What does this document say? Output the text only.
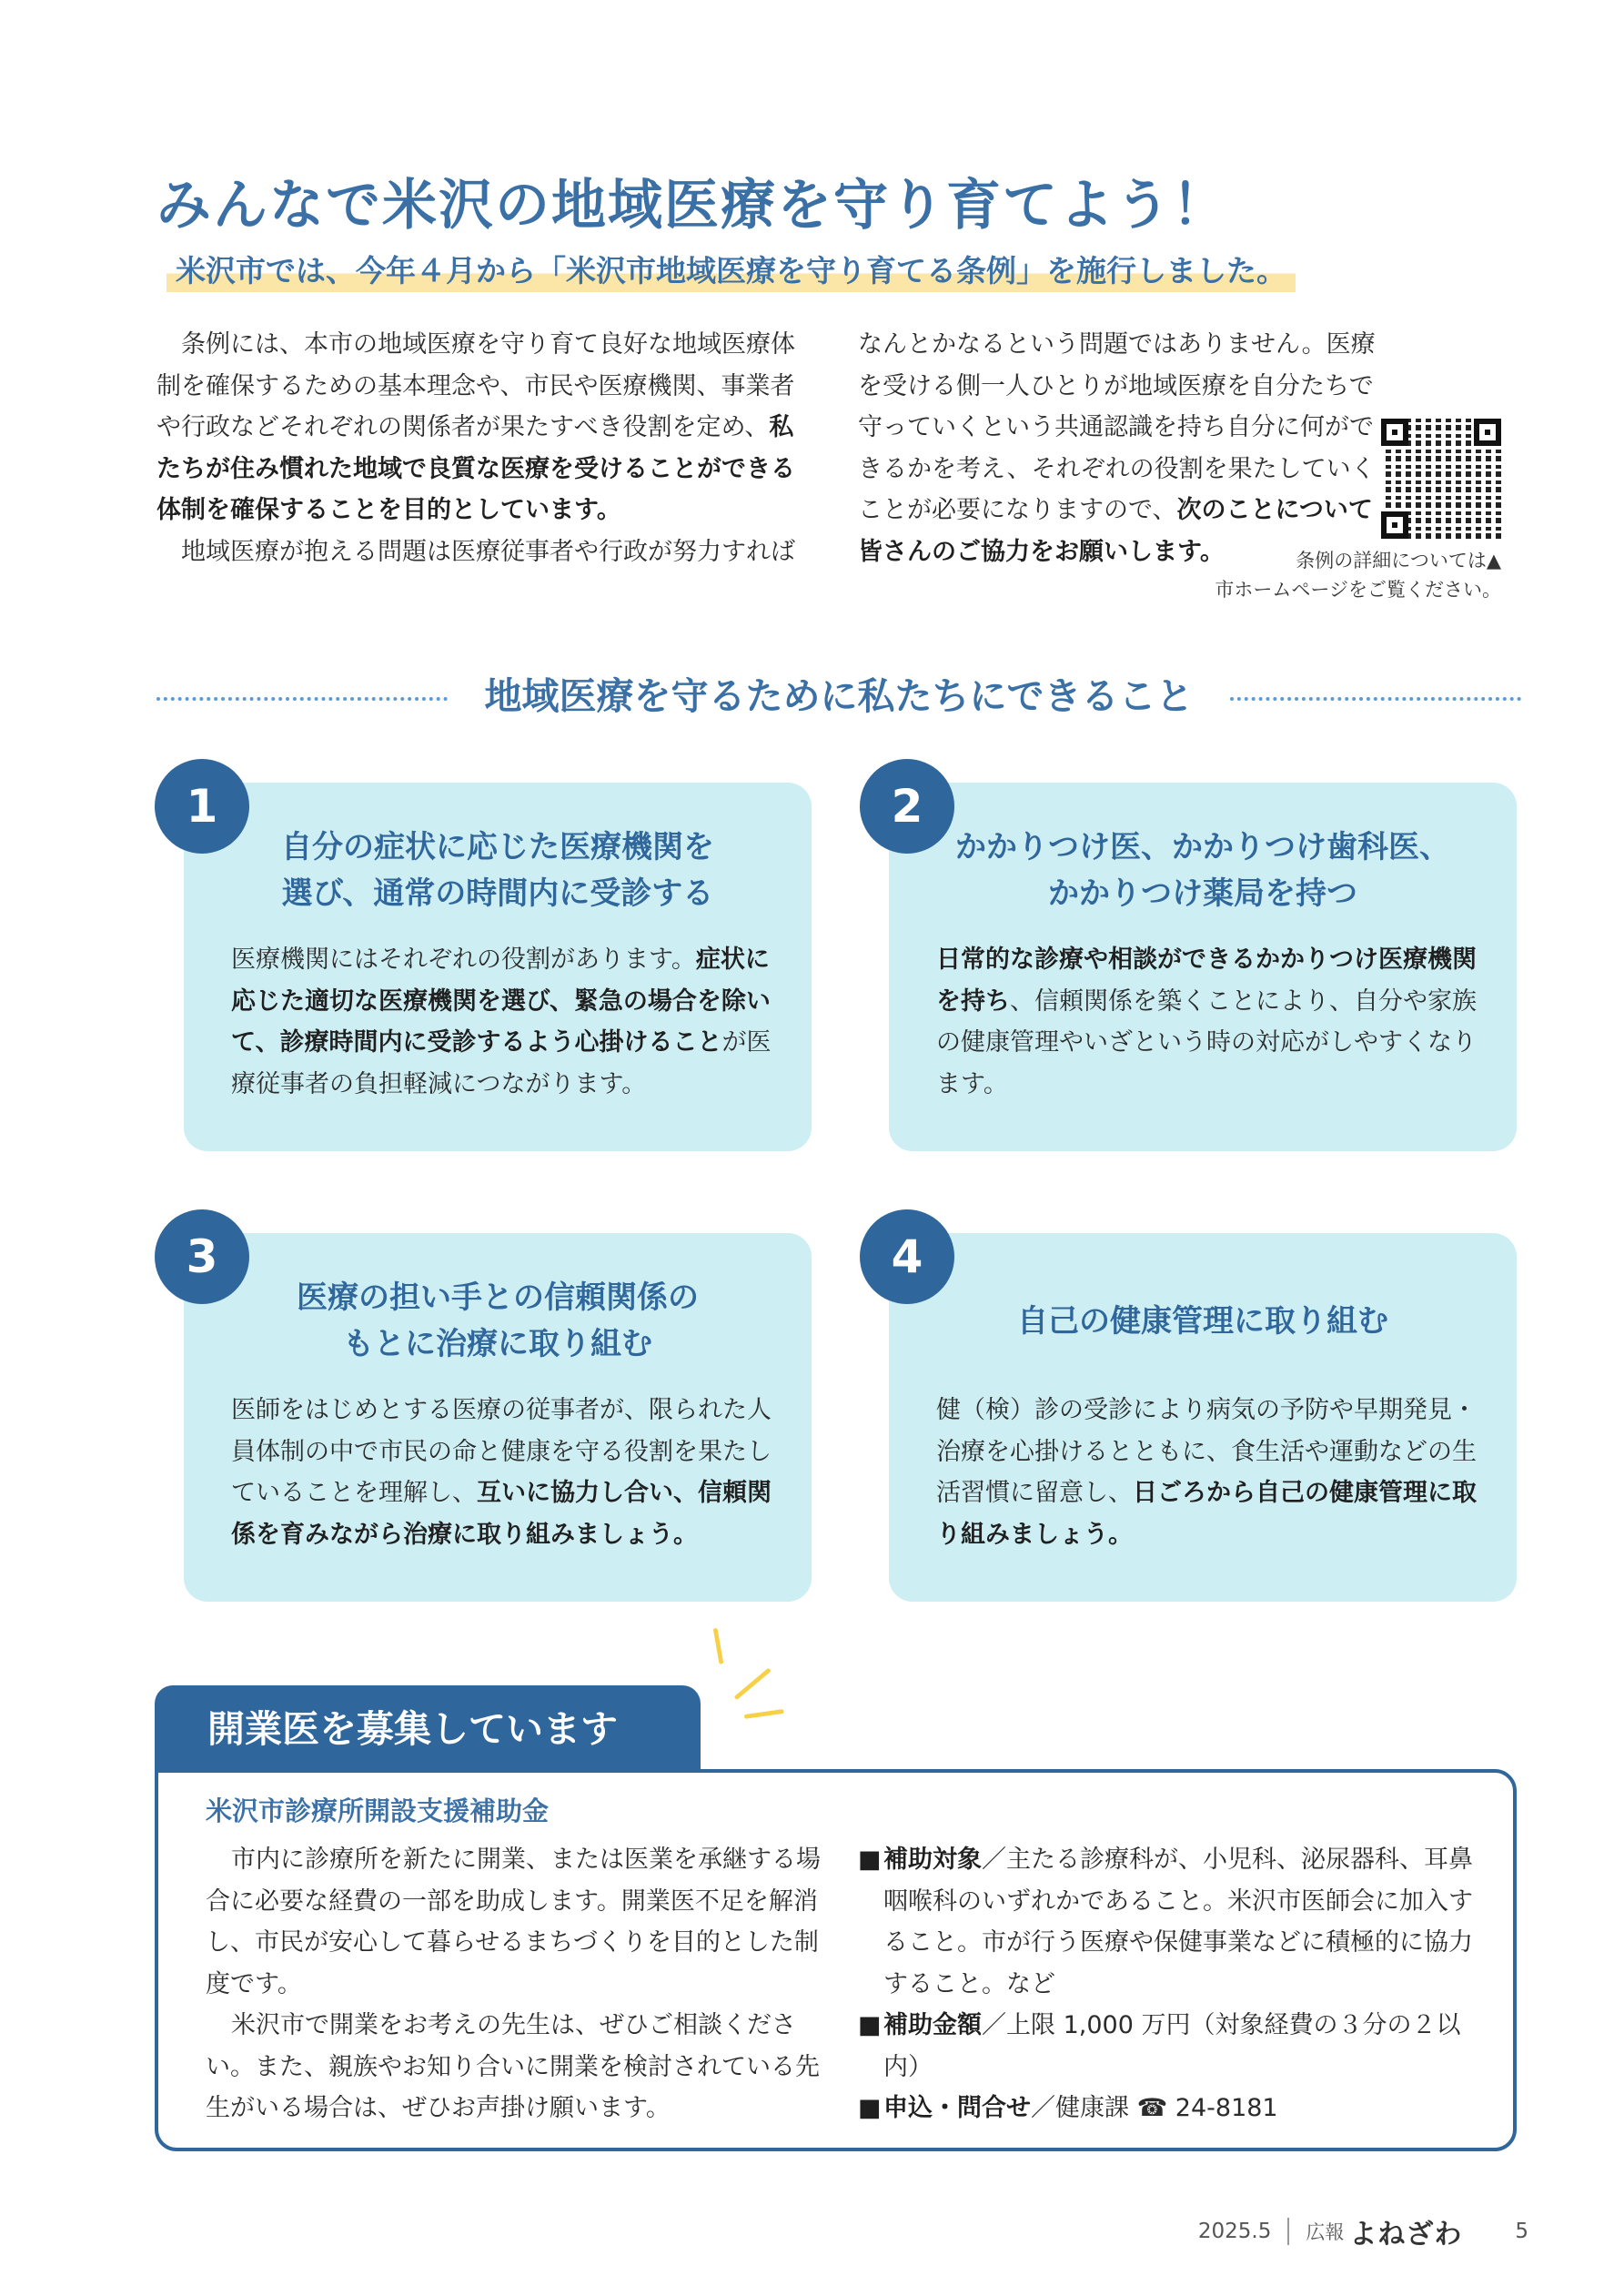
みんなで米沢の地域医療を守り育てよう！
米沢市では、今年４月から「米沢市地域医療を守り育てる条例」を施行しました。

　条例には、本市の地域医療を守り育て良好な地域医療体制を確保するための基本理念や、市民や医療機関、事業者や行政などそれぞれの関係者が果たすべき役割を定め、私たちが住み慣れた地域で良質な医療を受けることができる体制を確保することを目的としています。

　地域医療が抱える問題は医療従事者や行政が努力すれば

なんとかなるという問題ではありません。医療を受ける側一人ひとりが地域医療を自分たちで守っていくという共通認識を持ち自分に何ができるかを考え、それぞれの役割を果たしていくことが必要になりますので、次のことについて皆さんのご協力をお願いします。	条例の詳細については▲
市ホームページをご覧ください。
地域医療を守るために私たちにできること
自分の症状に応じた医療機関を
選び、通常の時間内に受診する
医療機関にはそれぞれの役割があります。症状に応じた適切な医療機関を選び、緊急の場合を除いて、診療時間内に受診するよう心掛けることが医療従事者の負担軽減につながります。
1
かかりつけ医、かかりつけ歯科医、
かかりつけ薬局を持つ
日常的な診療や相談ができるかかりつけ医療機関を持ち、信頼関係を築くことにより、自分や家族の健康管理やいざという時の対応がしやすくなります。
2
医療の担い手との信頼関係の
もとに治療に取り組む
医師をはじめとする医療の従事者が、限られた人員体制の中で市民の命と健康を守る役割を果たしていることを理解し、互いに協力し合い、信頼関係を育みながら治療に取り組みましょう。
3
自己の健康管理に取り組む
健（検）診の受診により病気の予防や早期発見・治療を心掛けるとともに、食生活や運動などの生活習慣に留意し、日ごろから自己の健康管理に取り組みましょう。
4
開業医を募集しています
米沢市診療所開設支援補助金

市内に診療所を新たに開業、または医業を承継する場合に必要な経費の一部を助成します。開業医不足を解消し、市民が安心して暮らせるまちづくりを目的とした制度です。

米沢市で開業をお考えの先生は、ぜひご相談ください。また、親族やお知り合いに開業を検討されている先生がいる場合は、ぜひお声掛け願います。

■ 補助対象／主たる診療科が、小児科、泌尿器科、耳鼻咽喉科のいずれかであること。米沢市医師会に加入すること。市が行う医療や保健事業などに積極的に協力すること。など
■ 補助金額／上限 1,000 万円（対象経費の３分の２以内）
■ 申込・問合せ／健康課 ☎ 24-8181
2025.5 広報 よねざわ	5
